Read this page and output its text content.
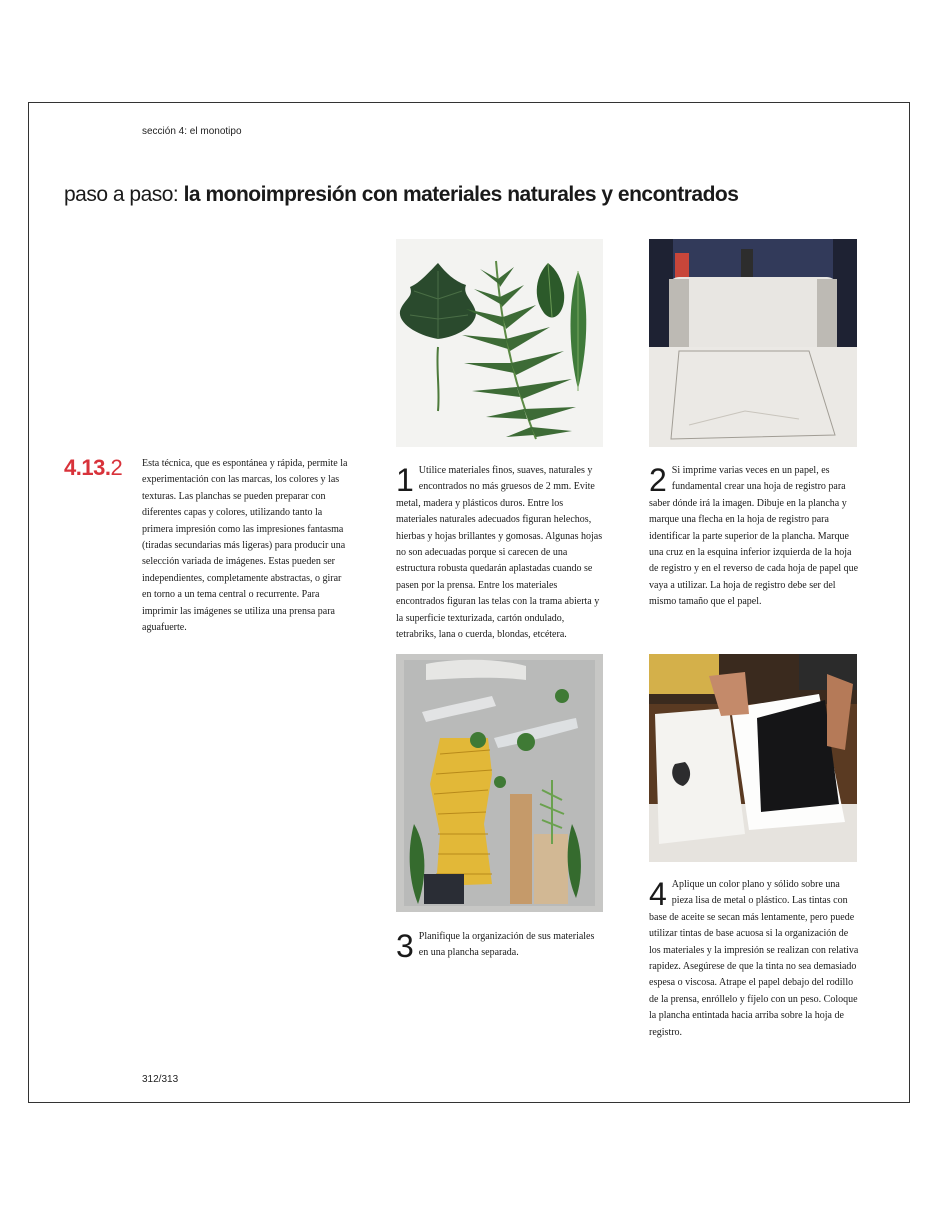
sección 4: el monotipo
paso a paso: la monoimpresión con materiales naturales y encontrados
4.13.2 Esta técnica, que es espontánea y rápida, permite la experimentación con las marcas, los colores y las texturas. Las planchas se pueden preparar con diferentes capas y colores, utilizando tanto la primera impresión como las impresiones fantasma (tiradas secundarias más ligeras) para producir una selección variada de imágenes. Estas pueden ser independientes, completamente abstractas, o girar en torno a un tema central o recurrente. Para imprimir las imágenes se utiliza una prensa para aguafuerte.
1 Utilice materiales finos, suaves, naturales y encontrados no más gruesos de 2 mm. Evite metal, madera y plásticos duros. Entre los materiales naturales adecuados figuran helechos, hierbas y hojas brillantes y gomosas. Algunas hojas no son adecuadas porque si carecen de una estructura robusta quedarán aplastadas cuando se pasen por la prensa. Entre los materiales encontrados figuran las telas con la trama abierta y la superficie texturizada, cartón ondulado, tetrabriks, lana o cuerda, blondas, etcétera.
2 Si imprime varias veces en un papel, es fundamental crear una hoja de registro para saber dónde irá la imagen. Dibuje en la plancha y marque una flecha en la hoja de registro para identificar la parte superior de la plancha. Marque una cruz en la esquina inferior izquierda de la hoja de registro y en el reverso de cada hoja de papel que vaya a utilizar. La hoja de registro debe ser del mismo tamaño que el papel.
3 Planifique la organización de sus materiales en una plancha separada.
4 Aplique un color plano y sólido sobre una pieza lisa de metal o plástico. Las tintas con base de aceite se secan más lentamente, pero puede utilizar tintas de base acuosa si la organización de los materiales y la impresión se realizan con relativa rapidez. Asegúrese de que la tinta no sea demasiado espesa o viscosa. Atrape el papel debajo del rodillo de la prensa, enróllelo y fíjelo con un peso. Coloque la plancha entintada hacia arriba sobre la hoja de registro.
312/313
